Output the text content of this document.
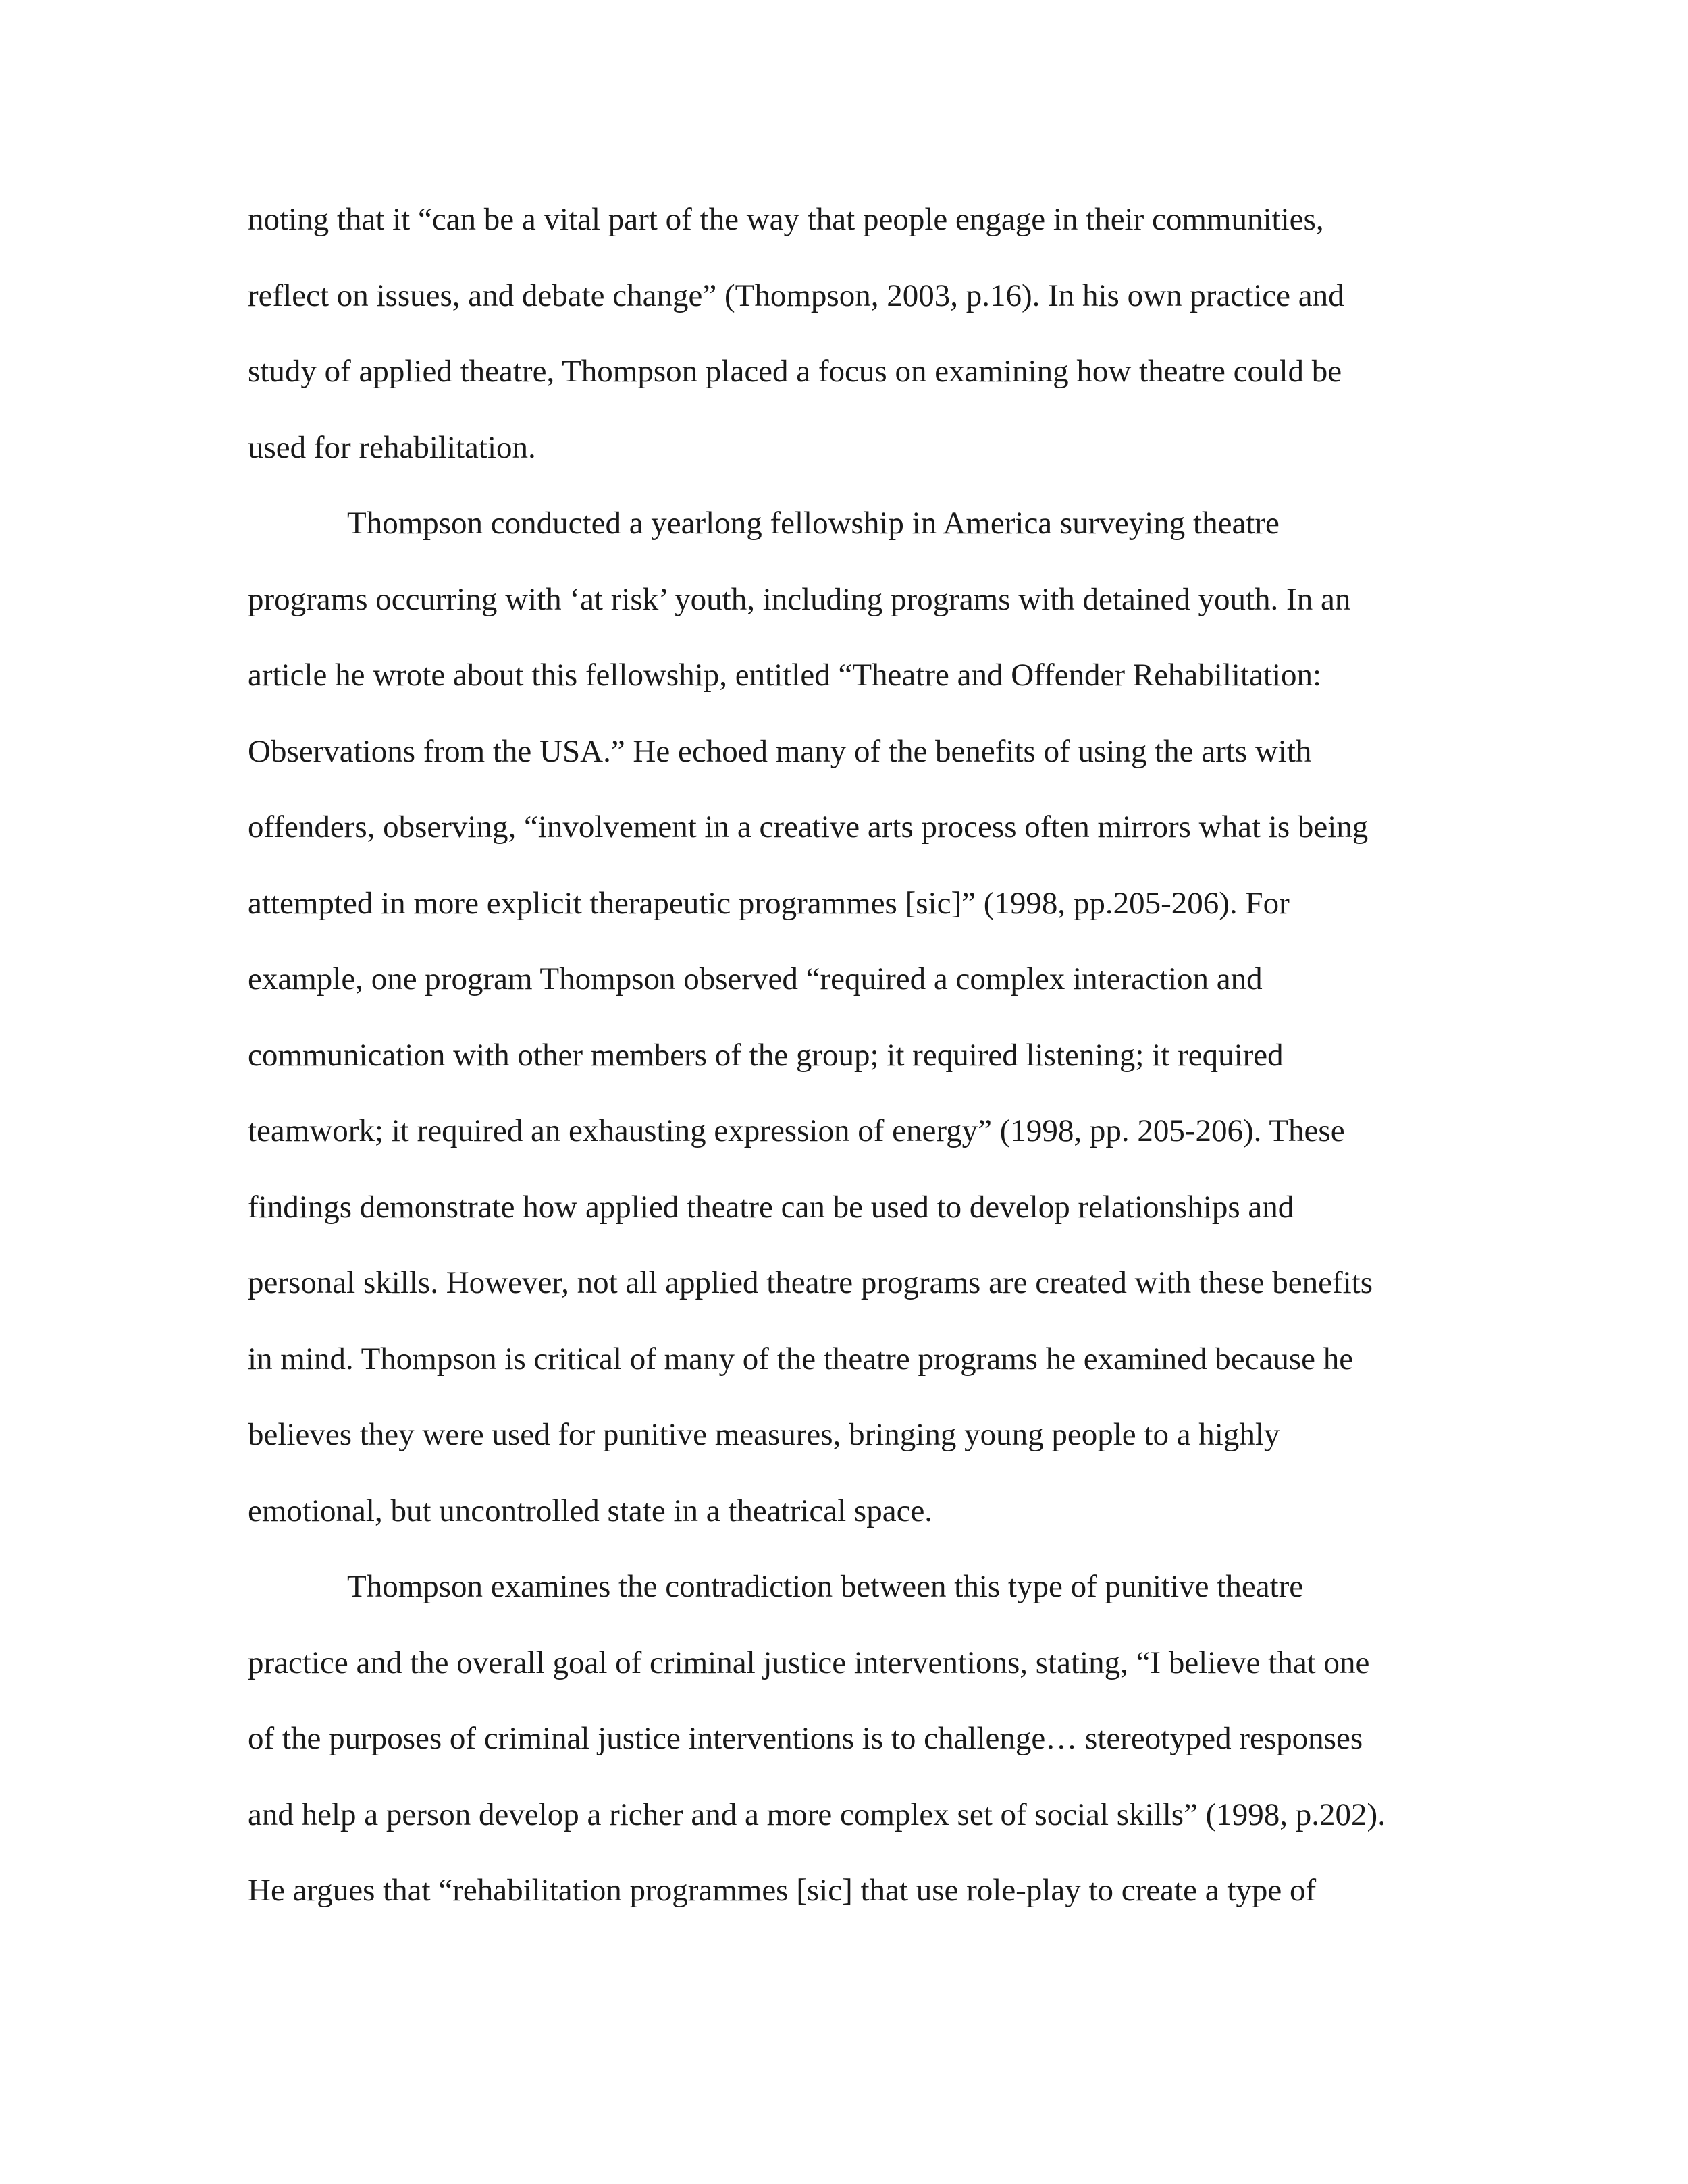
noting that it “can be a vital part of the way that people engage in their communities,
reflect on issues, and debate change” (Thompson, 2003, p.16). In his own practice and
study of applied theatre, Thompson placed a focus on examining how theatre could be
used for rehabilitation.
Thompson conducted a yearlong fellowship in America surveying theatre
programs occurring with ‘at risk’ youth, including programs with detained youth. In an
article he wrote about this fellowship, entitled “Theatre and Offender Rehabilitation:
Observations from the USA.” He echoed many of the benefits of using the arts with
offenders, observing, “involvement in a creative arts process often mirrors what is being
attempted in more explicit therapeutic programmes [sic]” (1998, pp.205-206). For
example, one program Thompson observed “required a complex interaction and
communication with other members of the group; it required listening; it required
teamwork; it required an exhausting expression of energy” (1998, pp. 205-206). These
findings demonstrate how applied theatre can be used to develop relationships and
personal skills. However, not all applied theatre programs are created with these benefits
in mind. Thompson is critical of many of the theatre programs he examined because he
believes they were used for punitive measures, bringing young people to a highly
emotional, but uncontrolled state in a theatrical space.
Thompson examines the contradiction between this type of punitive theatre
practice and the overall goal of criminal justice interventions, stating, “I believe that one
of the purposes of criminal justice interventions is to challenge… stereotyped responses
and help a person develop a richer and a more complex set of social skills” (1998, p.202).
He argues that “rehabilitation programmes [sic] that use role-play to create a type of
